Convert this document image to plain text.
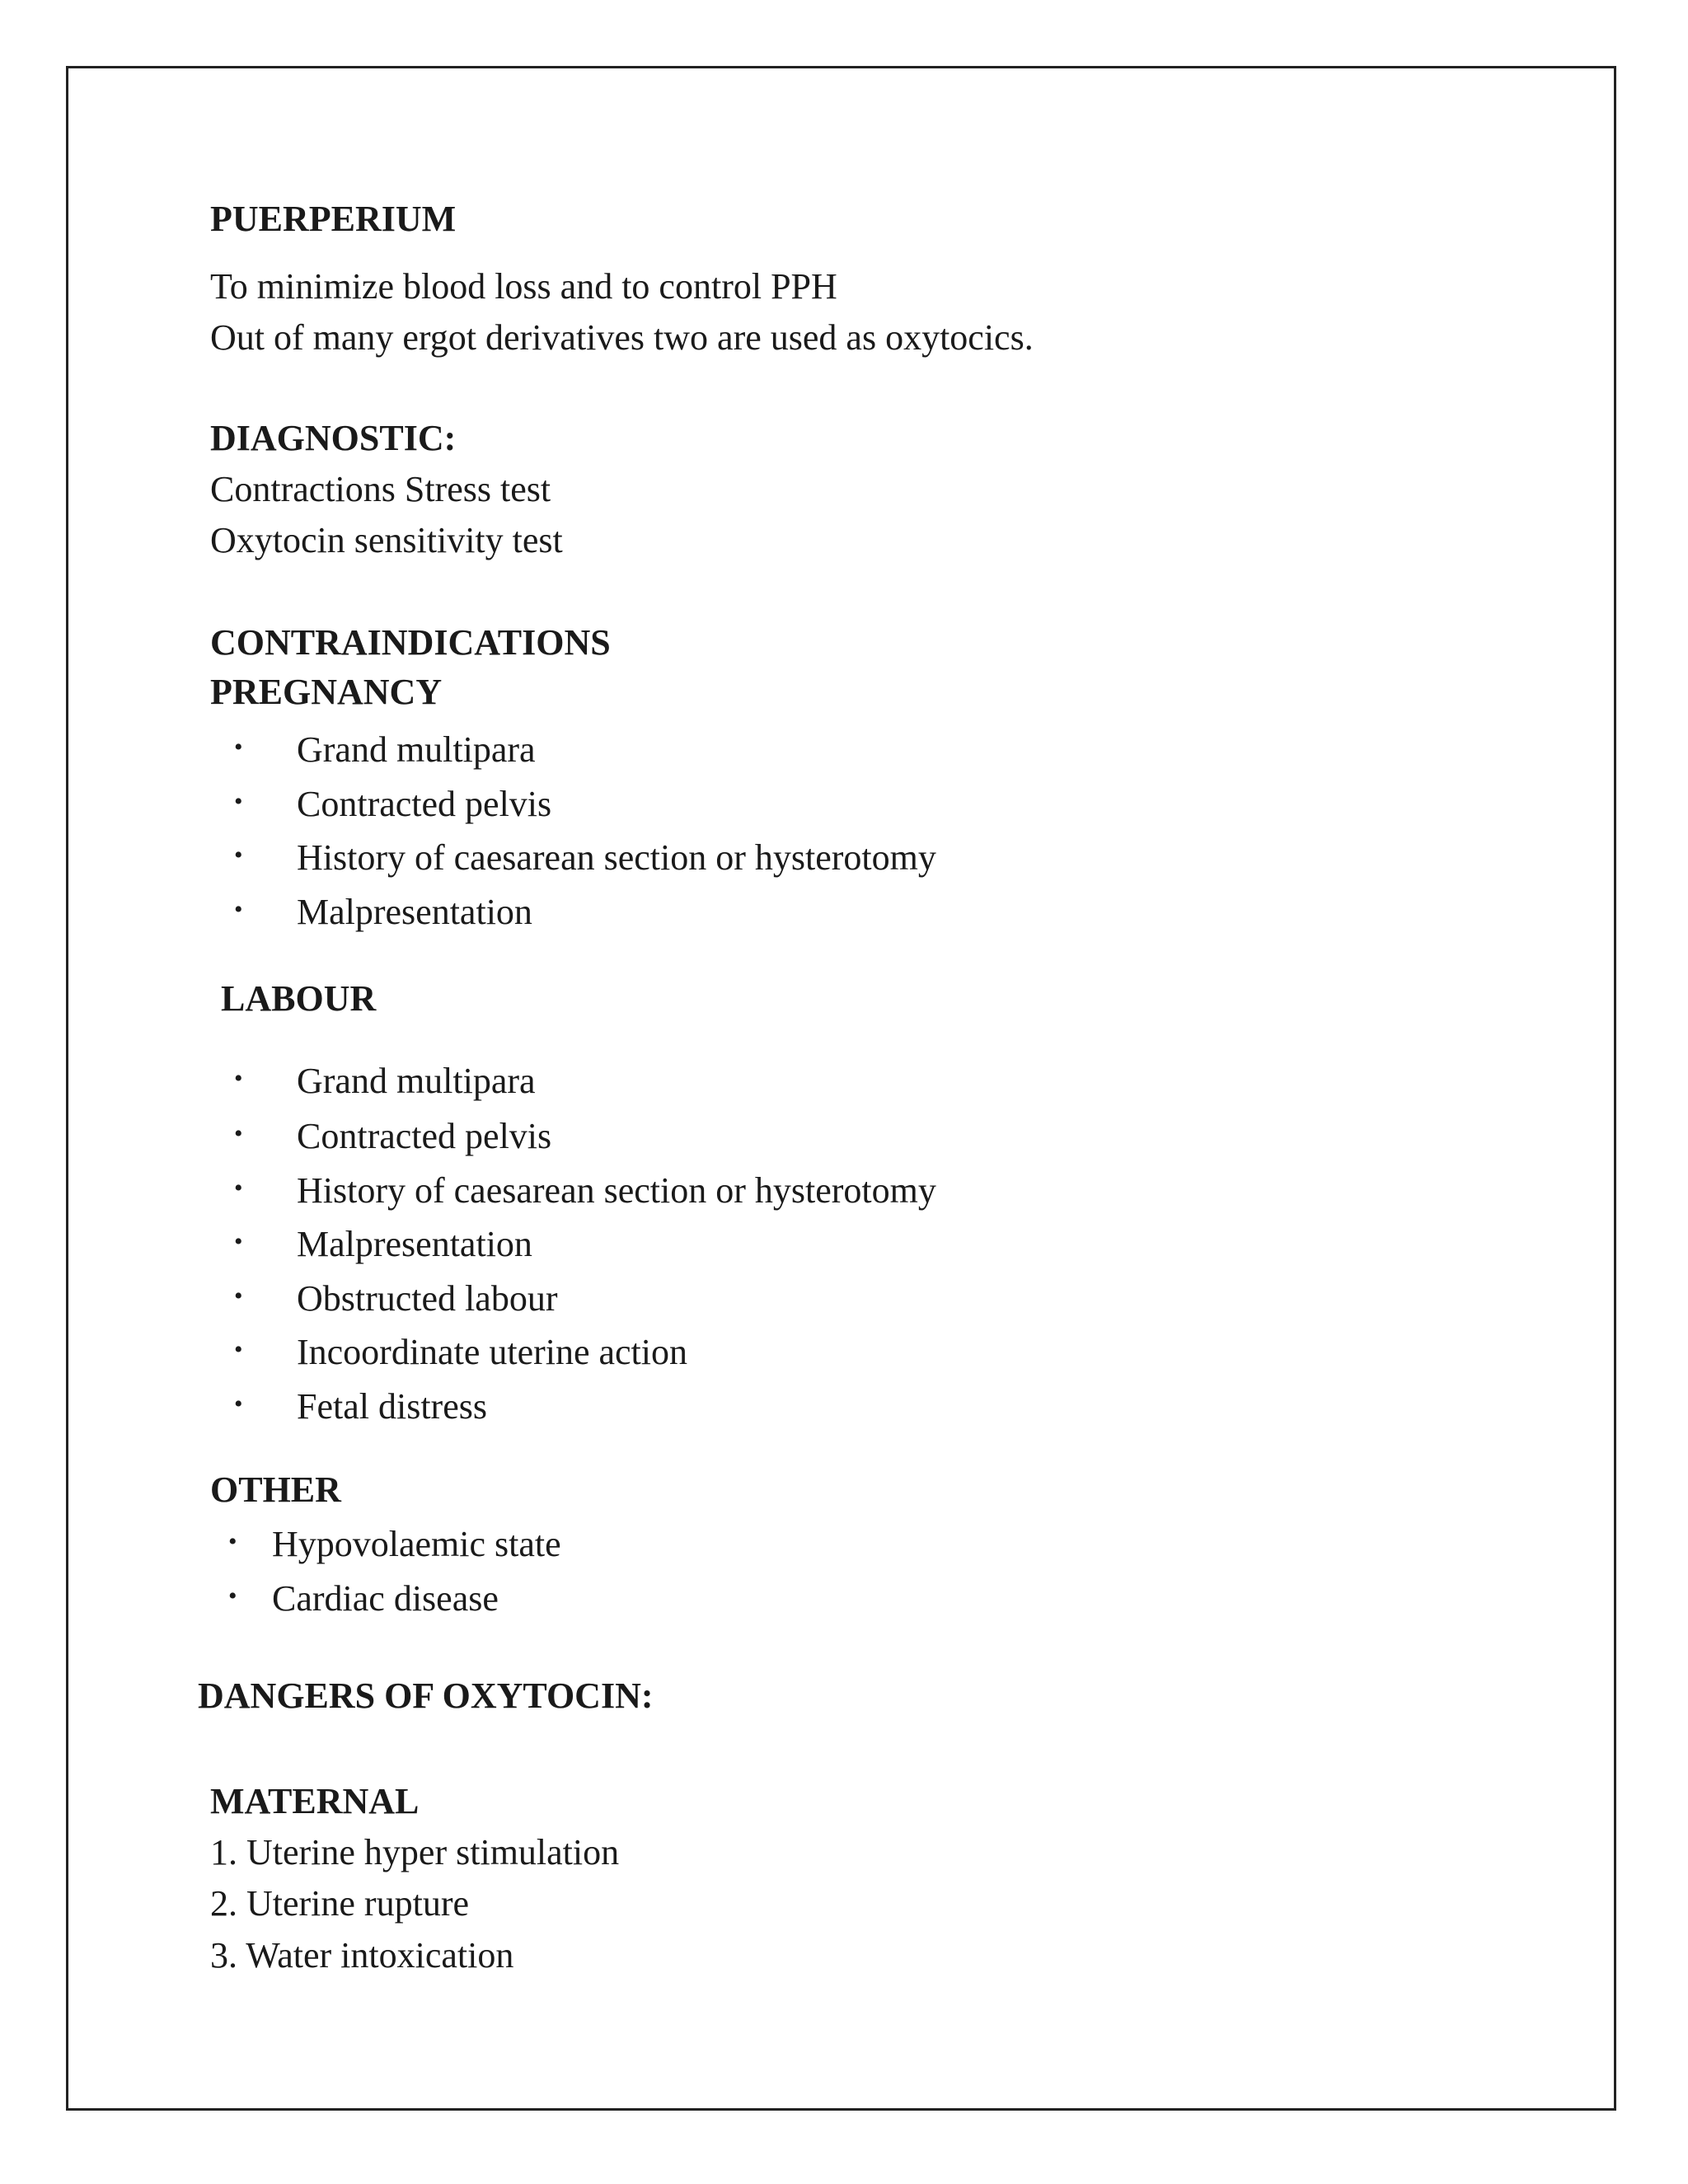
PUERPERIUM
To minimize blood loss and to control PPH
Out of many ergot derivatives two are used as oxytocics.
DIAGNOSTIC:
Contractions Stress test
Oxytocin sensitivity test
CONTRAINDICATIONS
PREGNANCY
• Grand multipara
• Contracted pelvis
• History of caesarean section or hysterotomy
• Malpresentation
LABOUR
• Grand multipara
• Contracted pelvis
• History of caesarean section or hysterotomy
• Malpresentation
• Obstructed labour
• Incoordinate uterine action
• Fetal distress
OTHER
• Hypovolaemic state
• Cardiac disease
DANGERS OF OXYTOCIN:
MATERNAL
1. Uterine hyper stimulation
2. Uterine rupture
3. Water intoxication
